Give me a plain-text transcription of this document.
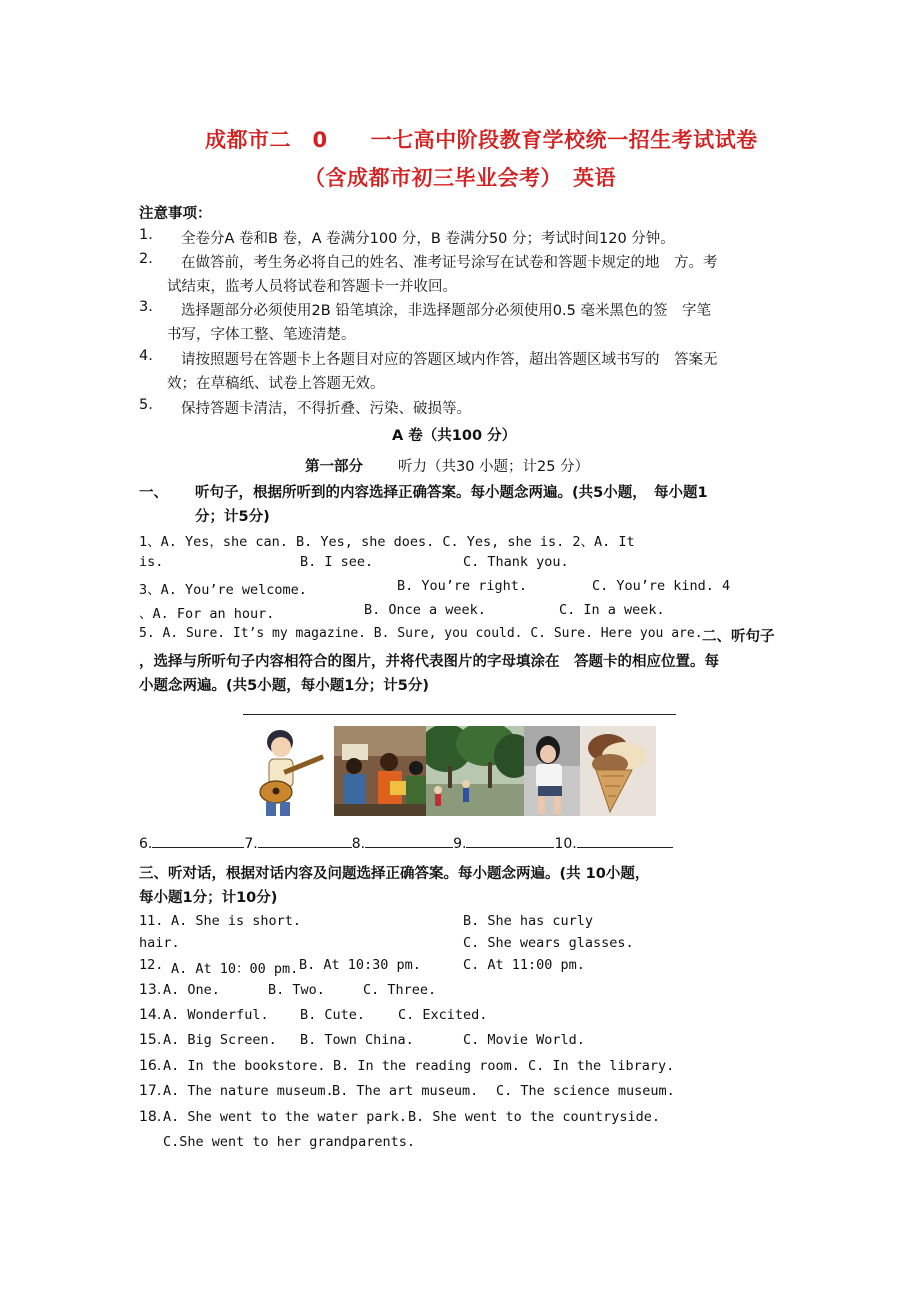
成都市二　0　　一七高中阶段教育学校统一招生考试试卷
（含成都市初三毕业会考）　英语
注意事项：
1. 全卷分A 卷和B 卷，A 卷满分100 分，B 卷满分50 分；考试时间120 分钟。
2. 在做答前，考生务必将自己的姓名、准考证号涂写在试卷和答题卡规定的地　方。考
试结束，监考人员将试卷和答题卡一并收回。
3. 选择题部分必须使用2B 铅笔填涂，非选择题部分必须使用0.5 毫米黑色的签　字笔
书写，字体工整、笔迹清楚。
4. 请按照题号在答题卡上各题目对应的答题区域内作答，超出答题区域书写的　答案无
效；在草稿纸、试卷上答题无效。
5. 保持答题卡清洁，不得折叠、污染、破损等。
A 卷（共100 分）
第一部分 听力（共30 小题；计25 分）
一、 听句子，根据所听到的内容选择正确答案。每小题念两遍。(共5小题，　每小题1
分；计5分)
1、A. Yes，she can. B. Yes, she does. C. Yes, she is. 2、A. It
is.	B. I see.	C. Thank you.
3、A. You’re welcome.	B. You’re right.	C. You’re kind. 4
、A. For an hour.	B. Once a week.	C. In a week.
5. A. Sure. It’s my magazine. B. Sure, you could. C. Sure. Here you are. 二、听句子
，选择与所听句子内容相符合的图片，并将代表图片的字母填涂在　答题卡的相应位置。每
小题念两遍。(共5小题，每小题1分；计5分)
6.	7.	8.	9.	10.
三、听对话，根据对话内容及问题选择正确答案。每小题念两遍。(共 10小题，
每小题1分；计10分)
11. A. She is short.	B. She has curly
hair.	C. She wears glasses.
12. A. At 10：00 pm. B. At 10:30 pm.	C. At 11:00 pm.
13. A. One.	B. Two.	C. Three.
14. A. Wonderful. B. Cute. C. Excited.
15. A. Big Screen. B. Town China.	C. Movie World.
16. A. In the bookstore. B. In the reading room. C. In the library.
17. A. The nature museum.
B. The art museum. C. The science museum.
18. A. She went to the water park. B. She went to the countryside.
C.She went to her grandparents.
